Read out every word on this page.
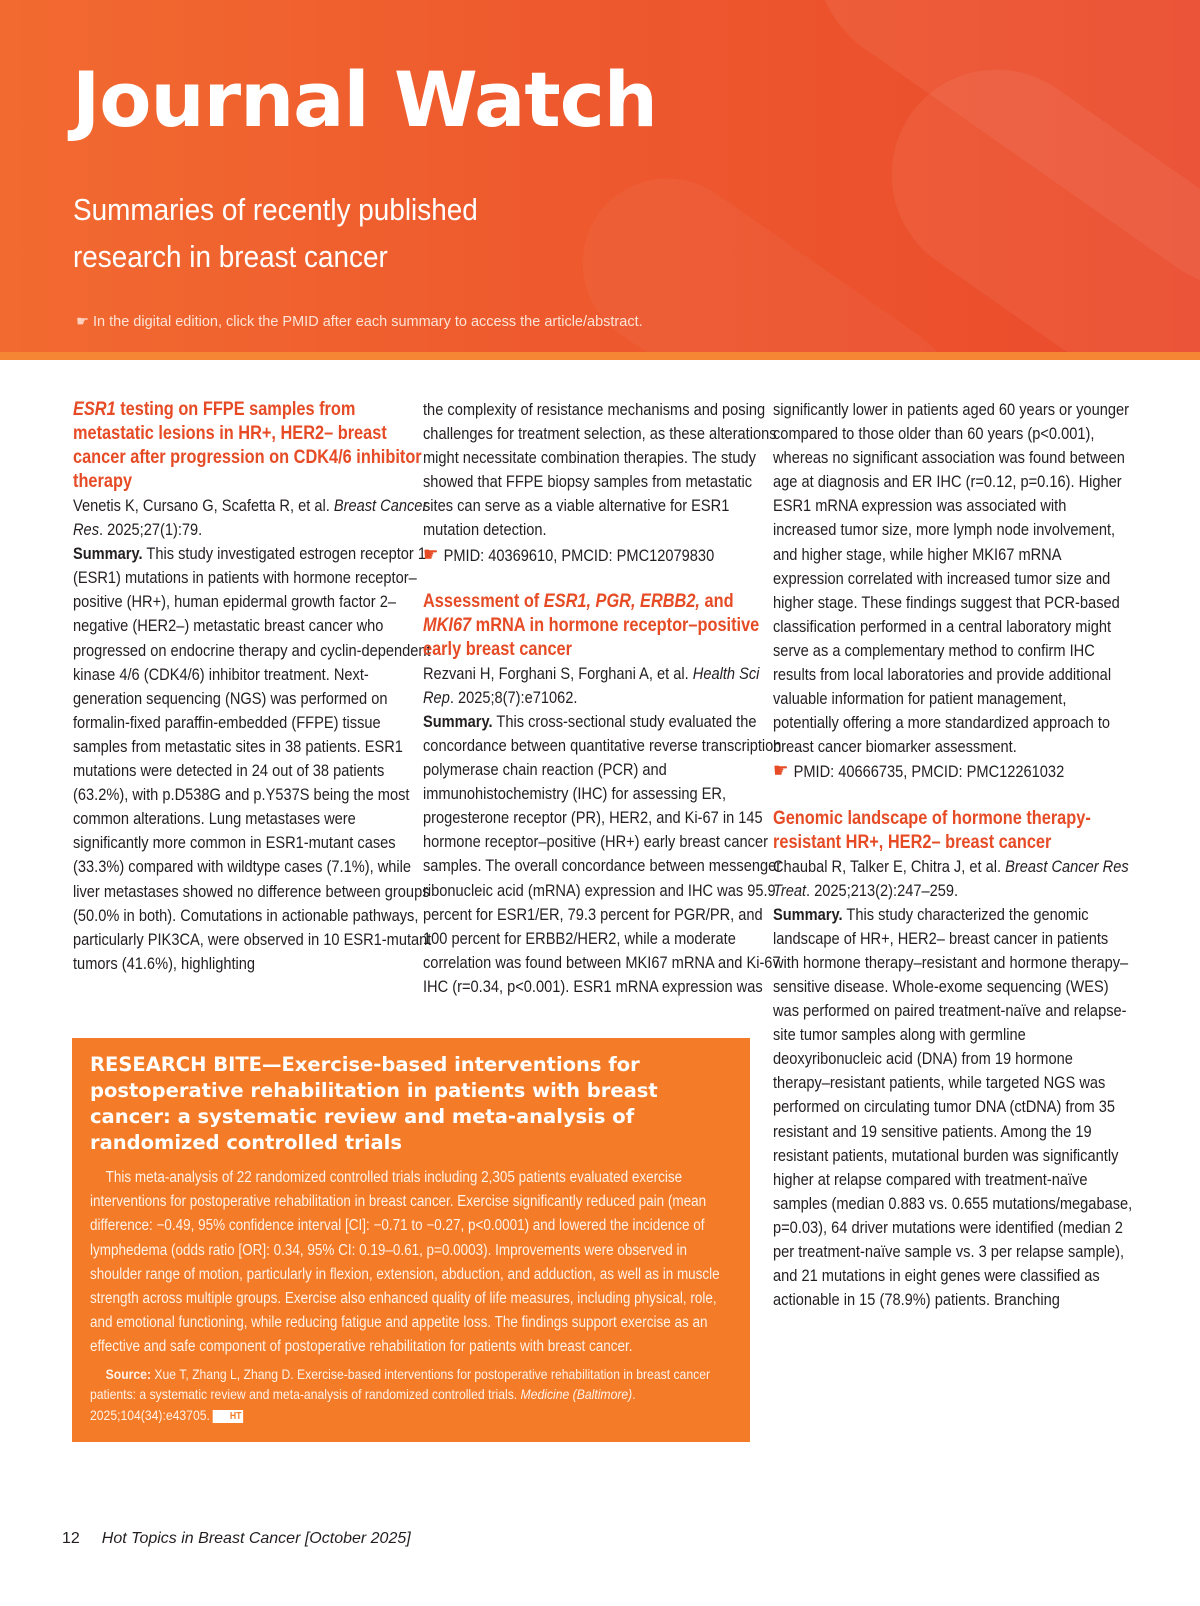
Journal Watch
Summaries of recently published research in breast cancer
☛ In the digital edition, click the PMID after each summary to access the article/abstract.
ESR1 testing on FFPE samples from metastatic lesions in HR+, HER2– breast cancer after progression on CDK4/6 inhibitor therapy
Venetis K, Cursano G, Scafetta R, et al. Breast Cancer Res. 2025;27(1):79.

Summary. This study investigated estrogen receptor 1 (ESR1) mutations in patients with hormone receptor–positive (HR+), human epidermal growth factor 2–negative (HER2–) metastatic breast cancer who progressed on endocrine therapy and cyclin-dependent kinase 4/6 (CDK4/6) inhibitor treatment. Next-generation sequencing (NGS) was performed on formalin-fixed paraffin-embedded (FFPE) tissue samples from metastatic sites in 38 patients. ESR1 mutations were detected in 24 out of 38 patients (63.2%), with p.D538G and p.Y537S being the most common alterations. Lung metastases were significantly more common in ESR1-mutant cases (33.3%) compared with wildtype cases (7.1%), while liver metastases showed no difference between groups (50.0% in both). Comutations in actionable pathways, particularly PIK3CA, were observed in 10 ESR1-mutant tumors (41.6%), highlighting

the complexity of resistance mechanisms and posing challenges for treatment selection, as these alterations might necessitate combination therapies. The study showed that FFPE biopsy samples from metastatic sites can serve as a viable alternative for ESR1 mutation detection.

☛ PMID: 40369610, PMCID: PMC12079830
Assessment of ESR1, PGR, ERBB2, and MKI67 mRNA in hormone receptor–positive early breast cancer
Rezvani H, Forghani S, Forghani A, et al. Health Sci Rep. 2025;8(7):e71062.

Summary. This cross-sectional study evaluated the concordance between quantitative reverse transcription polymerase chain reaction (PCR) and immunohistochemistry (IHC) for assessing ER, progesterone receptor (PR), HER2, and Ki-67 in 145 hormone receptor–positive (HR+) early breast cancer samples. The overall concordance between messenger ribonucleic acid (mRNA) expression and IHC was 95.9 percent for ESR1/ER, 79.3 percent for PGR/PR, and 100 percent for ERBB2/HER2, while a moderate correlation was found between MKI67 mRNA and Ki-67 IHC (r=0.34, p<0.001). ESR1 mRNA expression was

significantly lower in patients aged 60 years or younger compared to those older than 60 years (p<0.001), whereas no significant association was found between age at diagnosis and ER IHC (r=0.12, p=0.16). Higher ESR1 mRNA expression was associated with increased tumor size, more lymph node involvement, and higher stage, while higher MKI67 mRNA expression correlated with increased tumor size and higher stage. These findings suggest that PCR-based classification performed in a central laboratory might serve as a complementary method to confirm IHC results from local laboratories and provide additional valuable information for patient management, potentially offering a more standardized approach to breast cancer biomarker assessment.

☛ PMID: 40666735, PMCID: PMC12261032
Genomic landscape of hormone therapy-resistant HR+, HER2– breast cancer
Chaubal R, Talker E, Chitra J, et al. Breast Cancer Res Treat. 2025;213(2):247–259.

Summary. This study characterized the genomic landscape of HR+, HER2– breast cancer in patients with hormone therapy–resistant and hormone therapy–sensitive disease. Whole-exome sequencing (WES) was performed on paired treatment-naïve and relapse-site tumor samples along with germline deoxyribonucleic acid (DNA) from 19 hormone therapy–resistant patients, while targeted NGS was performed on circulating tumor DNA (ctDNA) from 35 resistant and 19 sensitive patients. Among the 19 resistant patients, mutational burden was significantly higher at relapse compared with treatment-naïve samples (median 0.883 vs. 0.655 mutations/megabase, p=0.03), 64 driver mutations were identified (median 2 per treatment-naïve sample vs. 3 per relapse sample), and 21 mutations in eight genes were classified as actionable in 15 (78.9%) patients. Branching

RESEARCH BITE—Exercise-based interventions for postoperative rehabilitation in patients with breast cancer: a systematic review and meta-analysis of randomized controlled trials

This meta-analysis of 22 randomized controlled trials including 2,305 patients evaluated exercise interventions for postoperative rehabilitation in breast cancer. Exercise significantly reduced pain (mean difference: −0.49, 95% confidence interval [CI]: −0.71 to −0.27, p<0.0001) and lowered the incidence of lymphedema (odds ratio [OR]: 0.34, 95% CI: 0.19–0.61, p=0.0003). Improvements were observed in shoulder range of motion, particularly in flexion, extension, abduction, and adduction, as well as in muscle strength across multiple groups. Exercise also enhanced quality of life measures, including physical, role, and emotional functioning, while reducing fatigue and appetite loss. The findings support exercise as an effective and safe component of postoperative rehabilitation for patients with breast cancer.

Source: Xue T, Zhang L, Zhang D. Exercise-based interventions for postoperative rehabilitation in breast cancer patients: a systematic review and meta-analysis of randomized controlled trials. Medicine (Baltimore). 2025;104(34):e43705. HT

12 Hot Topics in Breast Cancer [October 2025]
